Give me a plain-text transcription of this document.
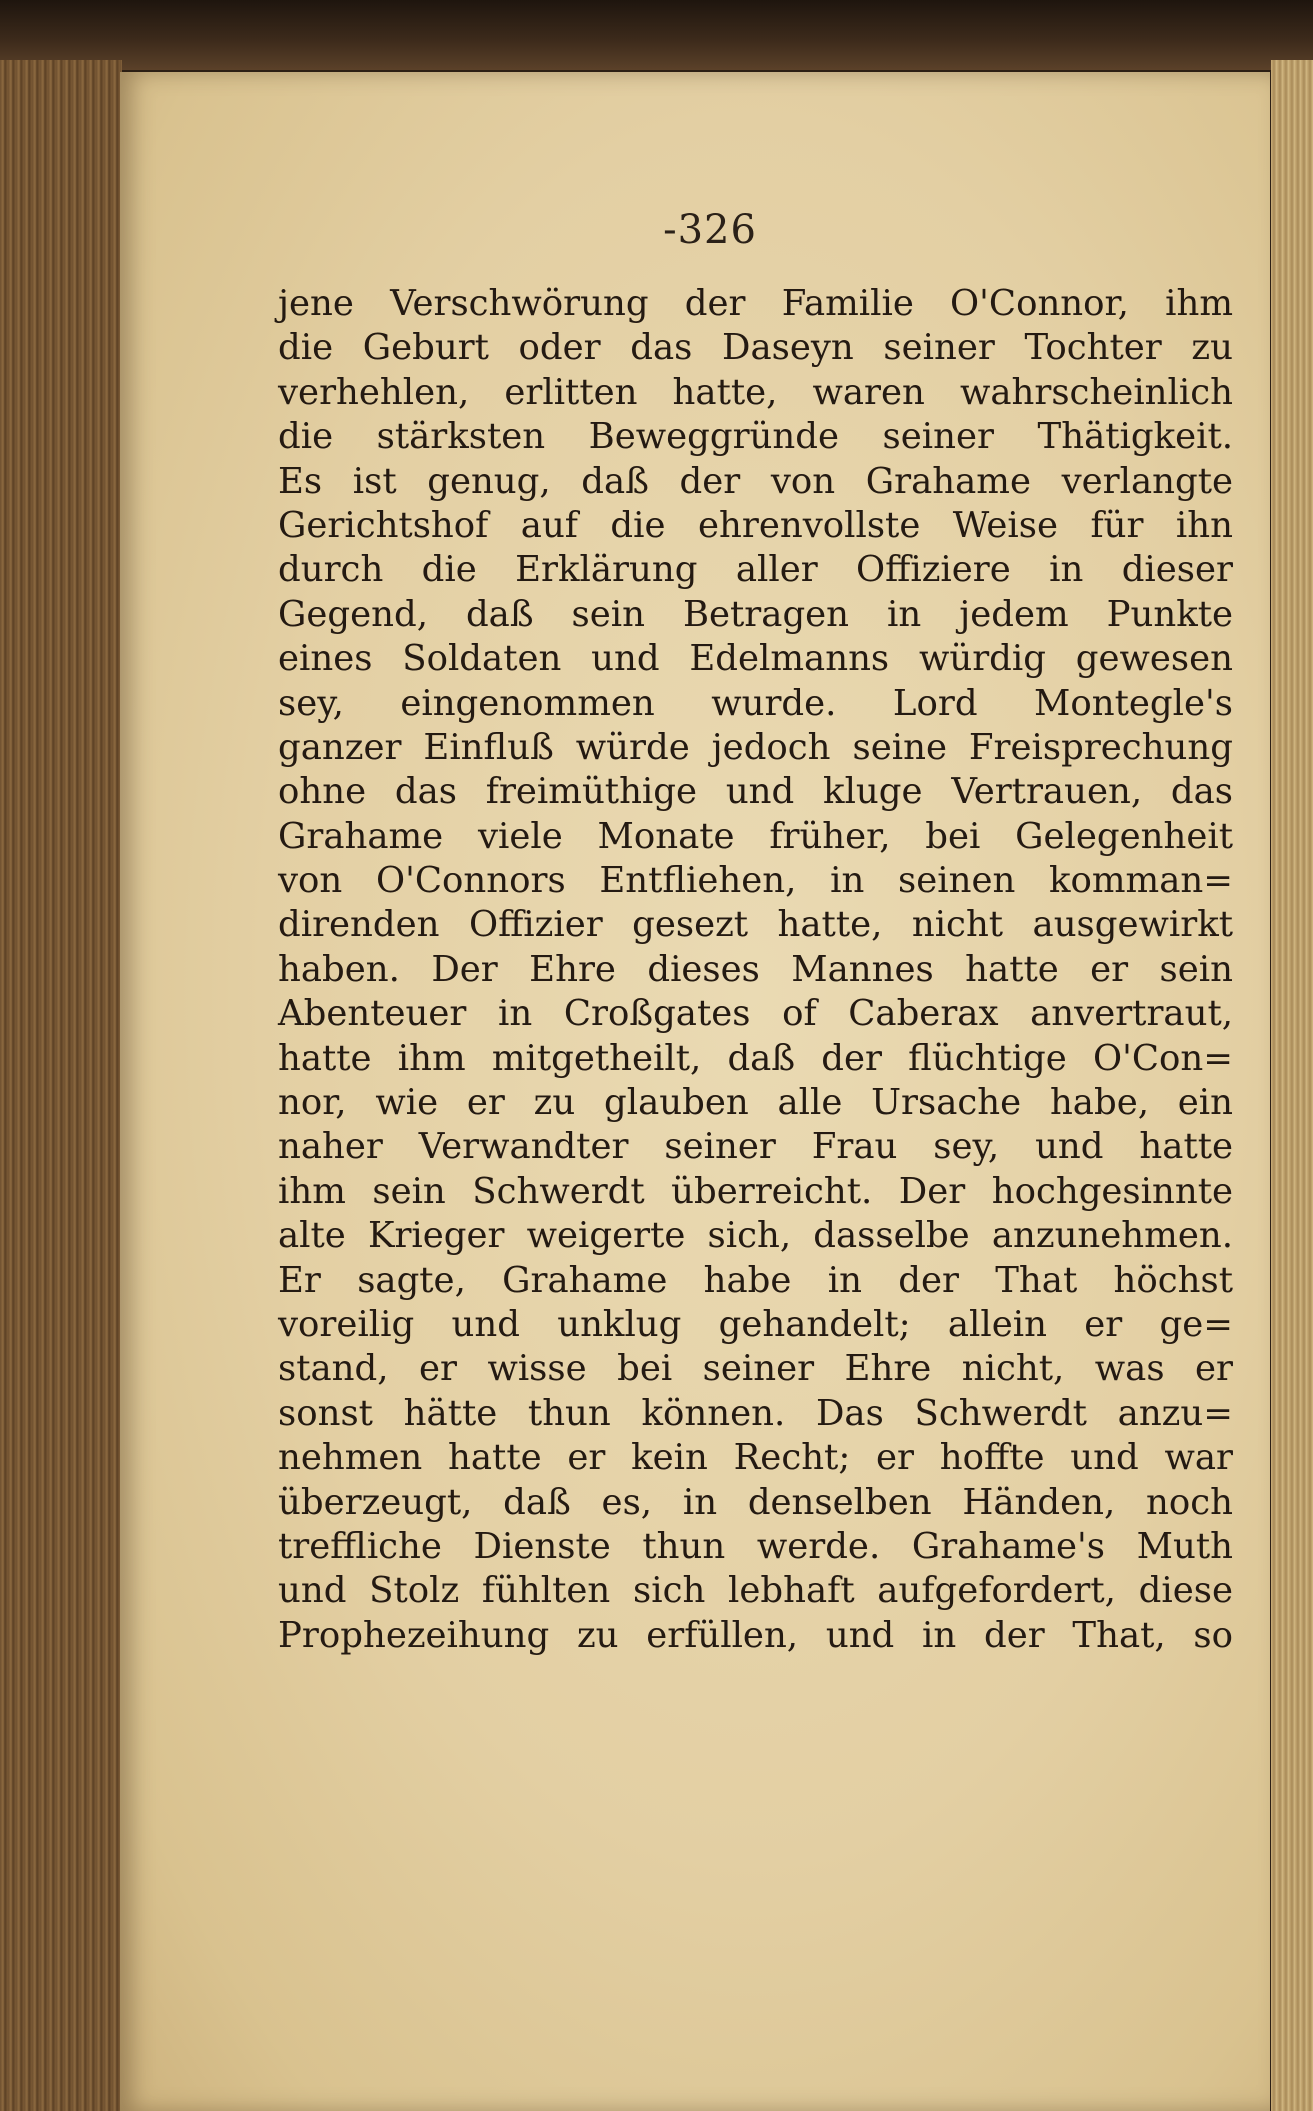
-326
jene Verschwörung der Familie O'Connor, ihm
die Geburt oder das Daseyn seiner Tochter zu
verhehlen, erlitten hatte, waren wahrscheinlich
die stärksten Beweggründe seiner Thätigkeit.
Es ist genug, daß der von Grahame verlangte
Gerichtshof auf die ehrenvollste Weise für ihn
durch die Erklärung aller Offiziere in dieser
Gegend, daß sein Betragen in jedem Punkte
eines Soldaten und Edelmanns würdig gewesen
sey, eingenommen wurde. Lord Montegle's
ganzer Einfluß würde jedoch seine Freisprechung
ohne das freimüthige und kluge Vertrauen, das
Grahame viele Monate früher, bei Gelegenheit
von O'Connors Entfliehen, in seinen komman=
direnden Offizier gesezt hatte, nicht ausgewirkt
haben. Der Ehre dieses Mannes hatte er sein
Abenteuer in Croßgates of Caberax anvertraut,
hatte ihm mitgetheilt, daß der flüchtige O'Con=
nor, wie er zu glauben alle Ursache habe, ein
naher Verwandter seiner Frau sey, und hatte
ihm sein Schwerdt überreicht. Der hochgesinnte
alte Krieger weigerte sich, dasselbe anzunehmen.
Er sagte, Grahame habe in der That höchst
voreilig und unklug gehandelt; allein er ge=
stand, er wisse bei seiner Ehre nicht, was er
sonst hätte thun können. Das Schwerdt anzu=
nehmen hatte er kein Recht; er hoffte und war
überzeugt, daß es, in denselben Händen, noch
treffliche Dienste thun werde. Grahame's Muth
und Stolz fühlten sich lebhaft aufgefordert, diese
Prophezeihung zu erfüllen, und in der That, so
